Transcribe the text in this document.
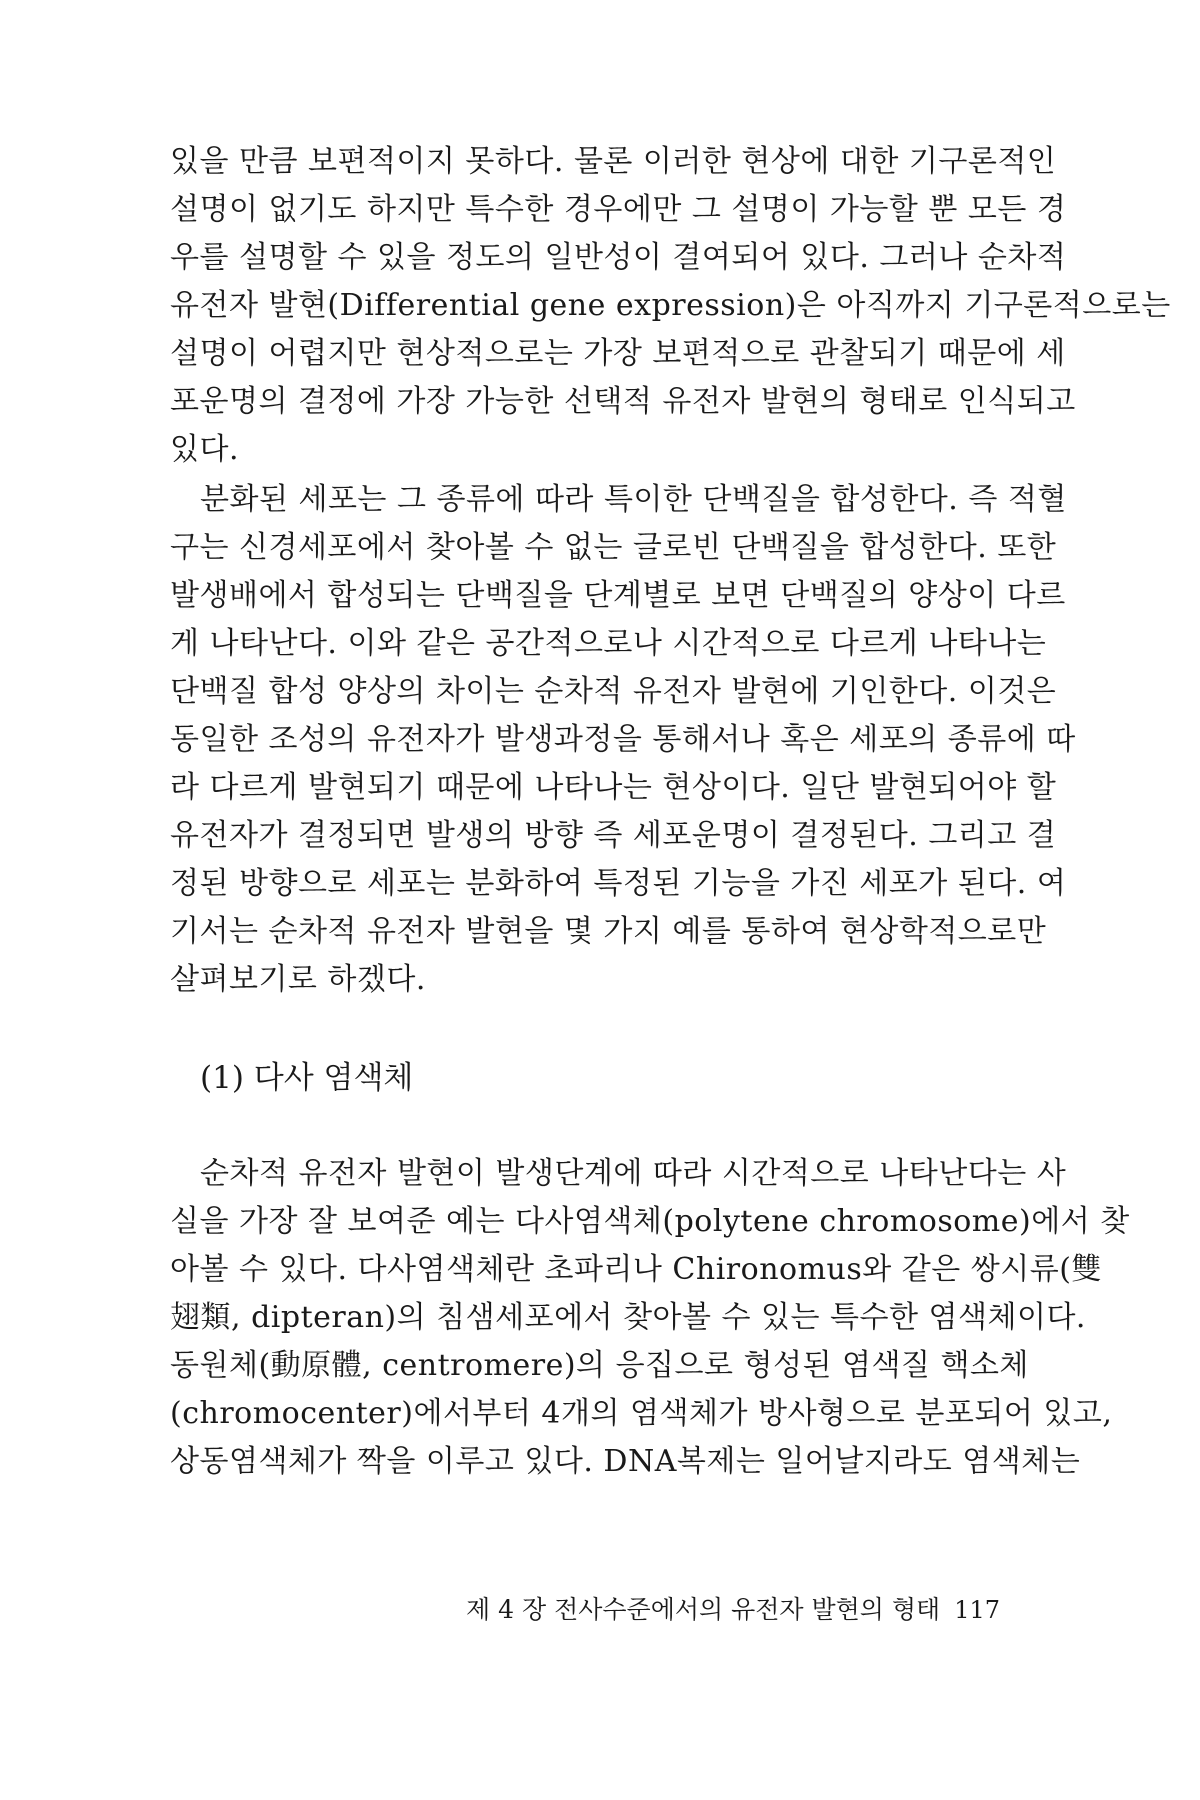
있을 만큼 보편적이지 못하다. 물론 이러한 현상에 대한 기구론적인
설명이 없기도 하지만 특수한 경우에만 그 설명이 가능할 뿐 모든 경
우를 설명할 수 있을 정도의 일반성이 결여되어 있다. 그러나 순차적
유전자 발현(Differential gene expression)은 아직까지 기구론적으로는
설명이 어렵지만 현상적으로는 가장 보편적으로 관찰되기 때문에 세
포운명의 결정에 가장 가능한 선택적 유전자 발현의 형태로 인식되고
있다.
분화된 세포는 그 종류에 따라 특이한 단백질을 합성한다. 즉 적혈
구는 신경세포에서 찾아볼 수 없는 글로빈 단백질을 합성한다. 또한
발생배에서 합성되는 단백질을 단계별로 보면 단백질의 양상이 다르
게 나타난다. 이와 같은 공간적으로나 시간적으로 다르게 나타나는
단백질 합성 양상의 차이는 순차적 유전자 발현에 기인한다. 이것은
동일한 조성의 유전자가 발생과정을 통해서나 혹은 세포의 종류에 따
라 다르게 발현되기 때문에 나타나는 현상이다. 일단 발현되어야 할
유전자가 결정되면 발생의 방향 즉 세포운명이 결정된다. 그리고 결
정된 방향으로 세포는 분화하여 특정된 기능을 가진 세포가 된다. 여
기서는 순차적 유전자 발현을 몇 가지 예를 통하여 현상학적으로만
살펴보기로 하겠다.
(1) 다사 염색체
순차적 유전자 발현이 발생단계에 따라 시간적으로 나타난다는 사
실을 가장 잘 보여준 예는 다사염색체(polytene chromosome)에서 찾
아볼 수 있다. 다사염색체란 초파리나 Chironomus와 같은 쌍시류(雙
翅類, dipteran)의 침샘세포에서 찾아볼 수 있는 특수한 염색체이다.
동원체(動原體, centromere)의 응집으로 형성된 염색질 핵소체
(chromocenter)에서부터 4개의 염색체가 방사형으로 분포되어 있고,
상동염색체가 짝을 이루고 있다. DNA복제는 일어날지라도 염색체는
제 4 장 전사수준에서의 유전자 발현의 형태 117
